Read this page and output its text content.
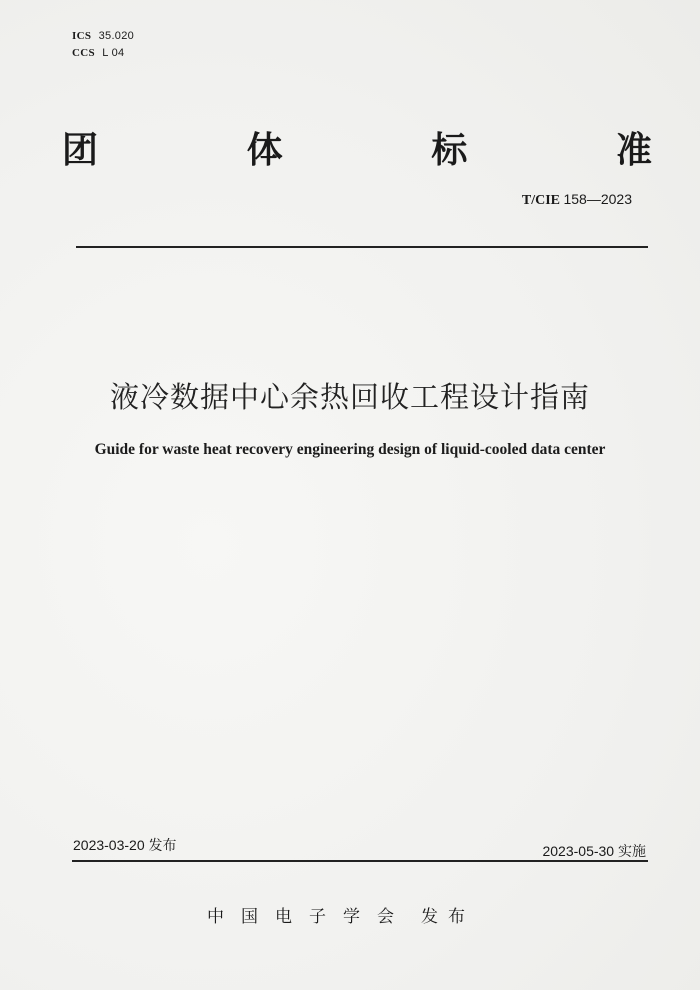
ICS 35.020
CCS L 04
团	体	标	准
T/CIE 158—2023
液冷数据中心余热回收工程设计指南
Guide for waste heat recovery engineering design of liquid-cooled data center
2023-03-20 发布	2023-05-30 实施
中国电子学会 发布
